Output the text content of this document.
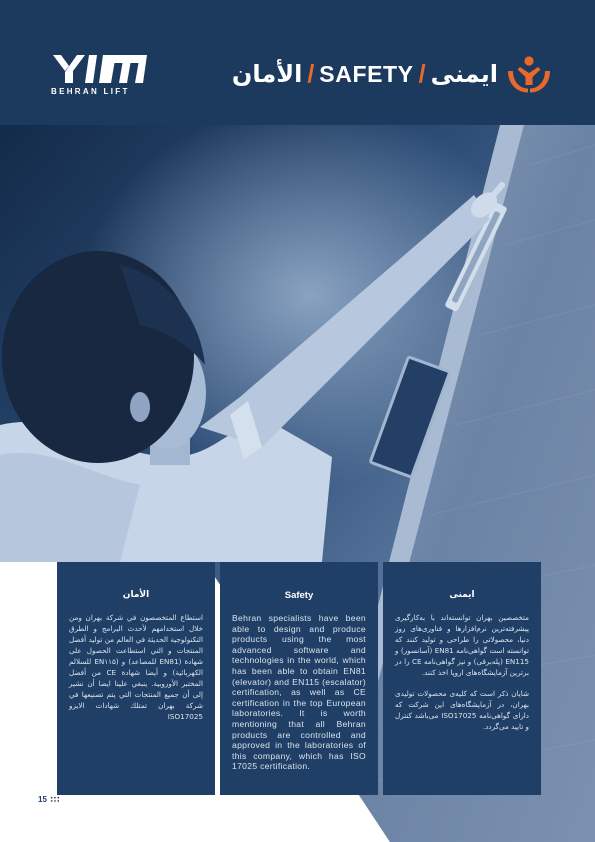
BEHRAN LIFT
الأمان / SAFETY / ایمنی
الأمان

استطاع المتخصصون في شركة بهران ومن خلال استخدامهم لأحدث البرامج و الطرق التكنولوجية الحديثة في العالم من تولید أفضل المنتجات و التي استطاعت الحصول على شهادة (EN81 للمصاعد) و (EN۱۱۵ للسلالم الكهربائية) و أيضا شهادة CE من أفضل المختبر الأوروبية. ينبغي علينا ايضا أن نشير إلى أن جميع المنتجات التي يتم تصنيعها في شركة بهران تمتلك شهادات الايزو ISO17025

Safety

Behran specialists have been able to design and produce products using the most advanced software and technologies in the world, which has been able to obtain EN81 (elevator) and EN115 (escalator) certification, as well as CE certification in the top European laboratories. It is worth mentioning that all Behran products are controlled and approved in the laboratories of this company, which has ISO 17025 certification.

ایمنی

متخصصین بهران توانسته‌اند با به‌کارگیری پیشرفته‌ترین نرم‌افزارها و فناوری‌های روز دنیا، محصولاتی را طراحی و تولید کنند که توانسته است گواهی‌نامه EN81 (آسانسور) و EN115 (پله‌برقی) و نیز گواهی‌نامه CE را در برترین آزمایشگاه‌های اروپا اخذ کنند.

شایان ذکر است که کلیه‌ی محصولات تولیدی بهران، در آزمایشگاه‌های این شرکت که دارای گواهی‌نامه ISO17025 می‌باشد کنترل و تایید می‌گردد.

15
